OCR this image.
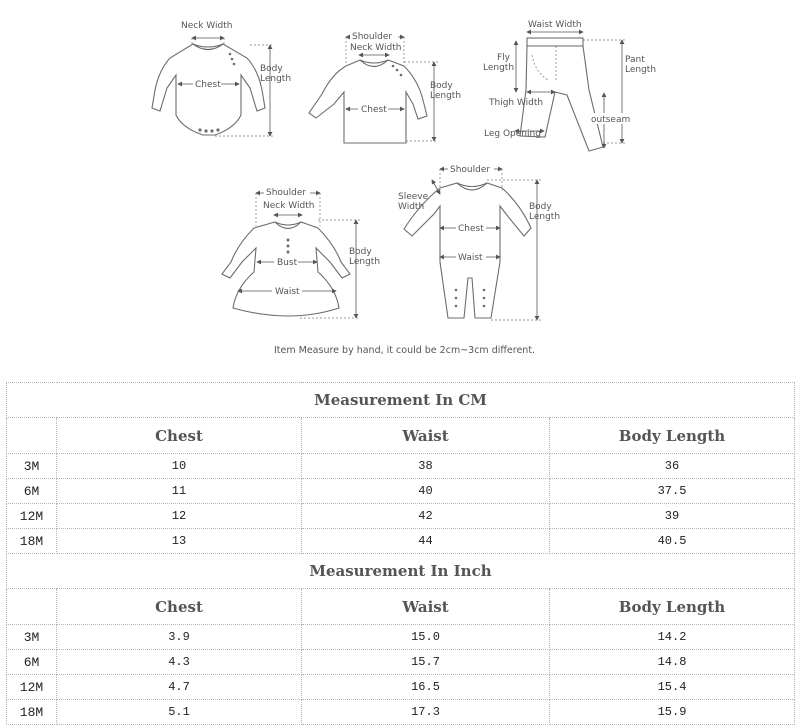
Neck Width
Chest
Body
Length
Shoulder
Neck Width
Chest
Body
Length
Waist Width
Fly
Length
Pant
Length
Thigh Width
outseam
Leg Opening
Shoulder
Neck Width
Bust
Waist
Body
Length
Shoulder
Sleeve
Width
Chest
Waist
Body
Length
Item Measure by hand, it could be 2cm~3cm different.
Measurement In CM			
	Chest	Waist	Body Length
3M	10	38	36
6M	11	40	37.5
12M	12	42	39
18M	13	44	40.5
Measurement In Inch			
	Chest	Waist	Body Length
3M	3.9	15.0	14.2
6M	4.3	15.7	14.8
12M	4.7	16.5	15.4
18M	5.1	17.3	15.9
